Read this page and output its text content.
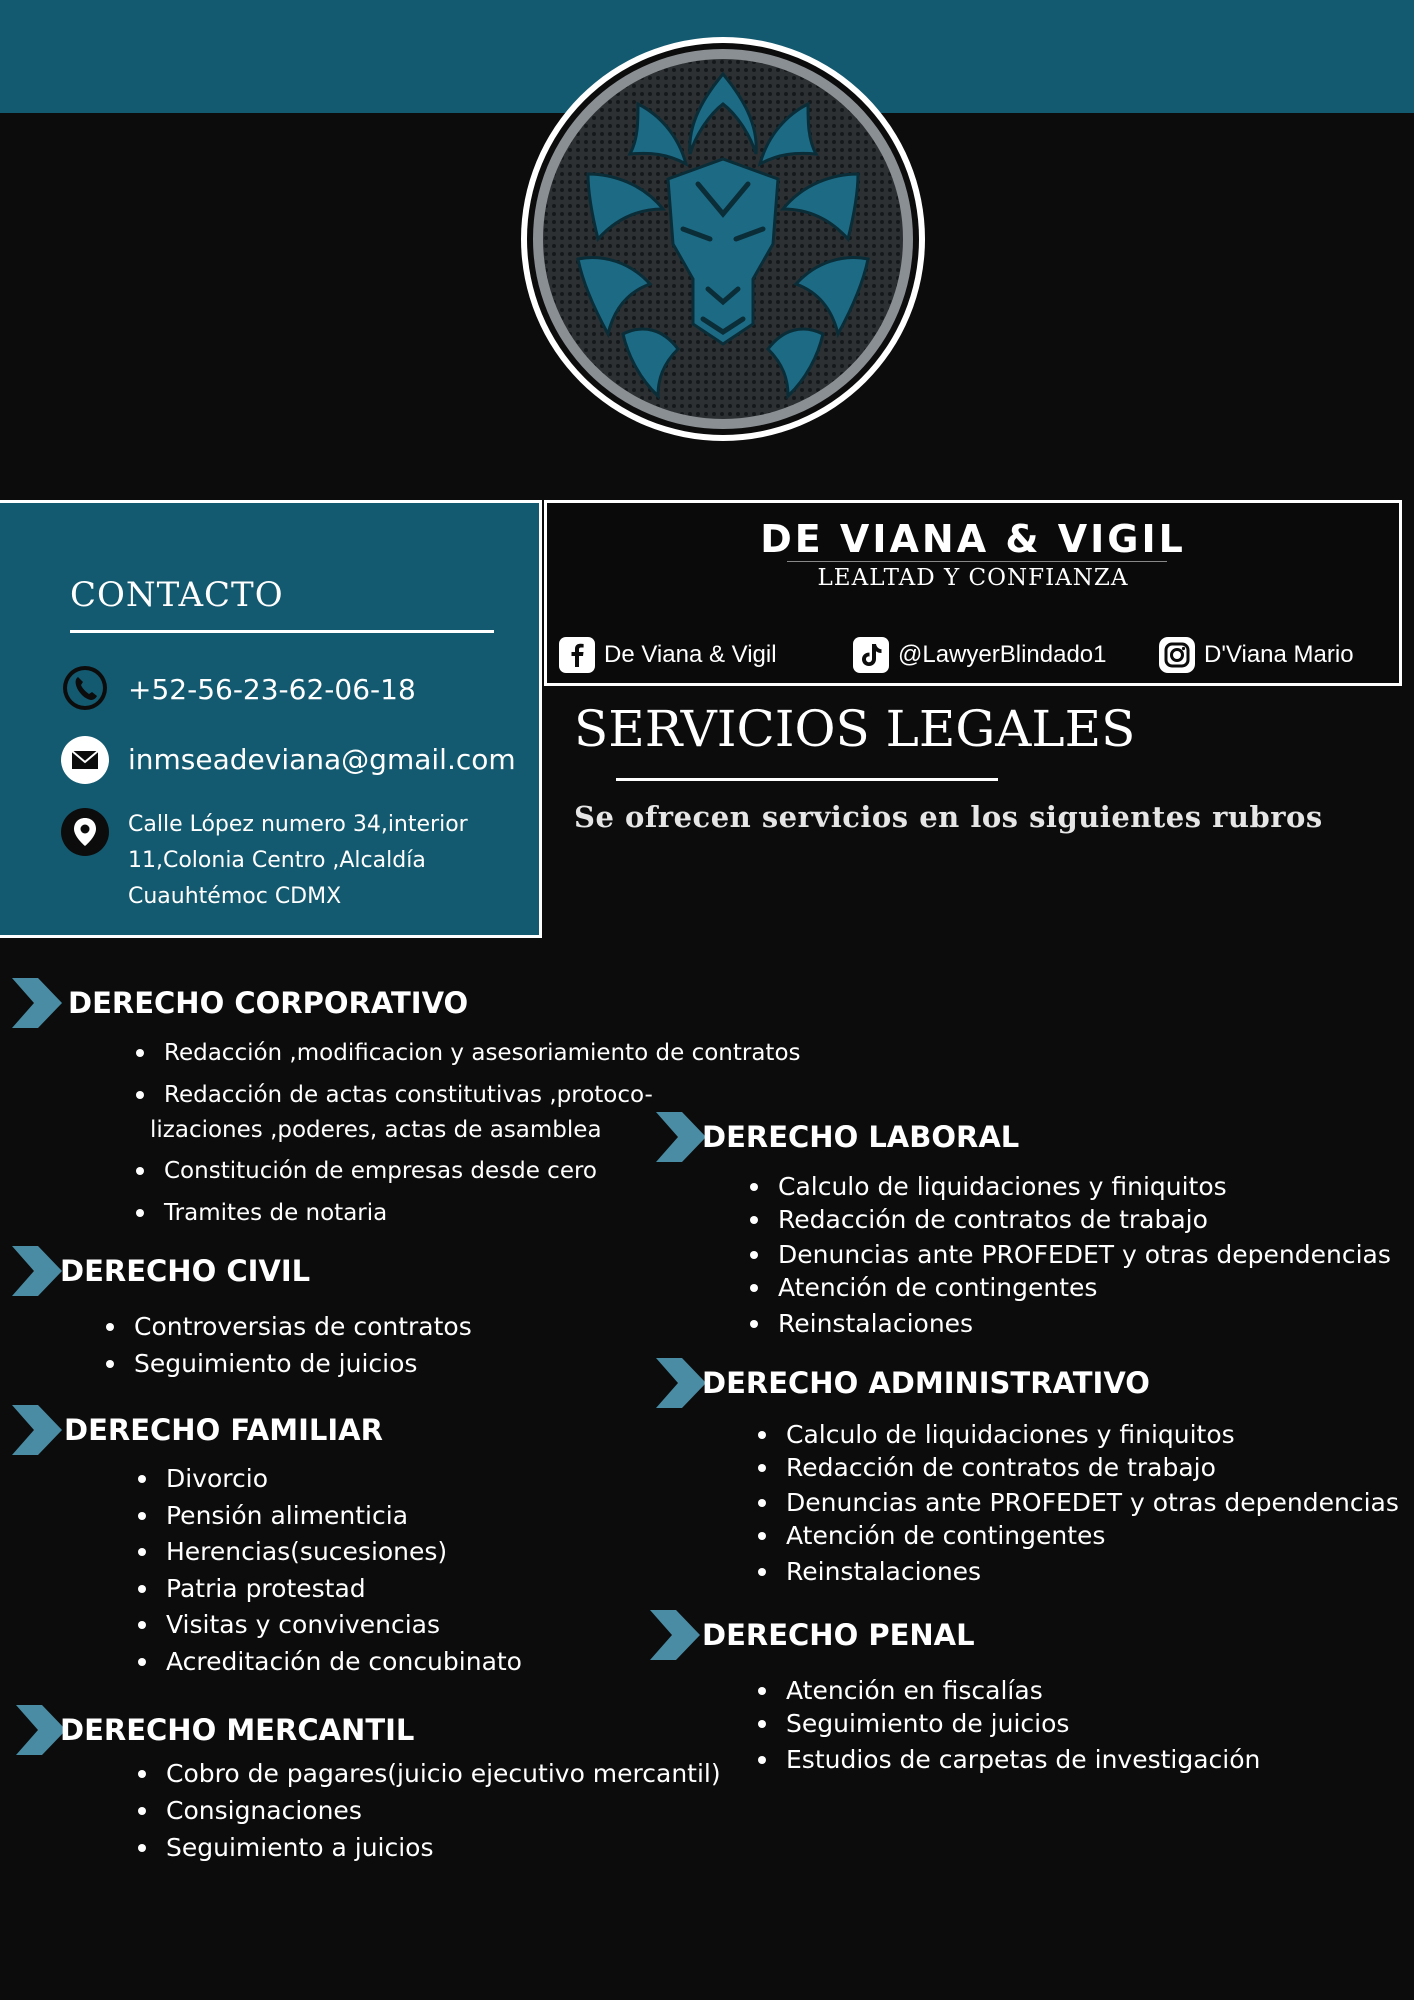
CONTACTO
+52-56-23-62-06-18
inmseadeviana@gmail.com
Calle López numero 34,interior
11,Colonia Centro ,Alcaldía
Cuauhtémoc CDMX
DE VIANA & VIGIL
LEALTAD Y CONFIANZA
De Viana & Vigil	@LawyerBlindado1	D'Viana Mario
SERVICIOS LEGALES

Se ofrecen servicios en los siguientes rubros

DERECHO CORPORATIVO
Redacción ,modificacion y asesoriamiento de contratos
Redacción de actas constitutivas ,protoco-
lizaciones ,poderes, actas de asamblea
Constitución de empresas desde cero
Tramites de notaria
DERECHO CIVIL
Controversias de contratos
Seguimiento de juicios
DERECHO FAMILIAR
Divorcio
Pensión alimenticia
Herencias(sucesiones)
Patria protestad
Visitas y convivencias
Acreditación de concubinato
DERECHO MERCANTIL
Cobro de pagares(juicio ejecutivo mercantil)
Consignaciones
Seguimiento a juicios
DERECHO LABORAL
Calculo de liquidaciones y finiquitos
Redacción de contratos de trabajo
Denuncias ante PROFEDET y otras dependencias
Atención de contingentes
Reinstalaciones
DERECHO ADMINISTRATIVO
Calculo de liquidaciones y finiquitos
Redacción de contratos de trabajo
Denuncias ante PROFEDET y otras dependencias
Atención de contingentes
Reinstalaciones
DERECHO PENAL
Atención en fiscalías
Seguimiento de juicios
Estudios de carpetas de investigación
